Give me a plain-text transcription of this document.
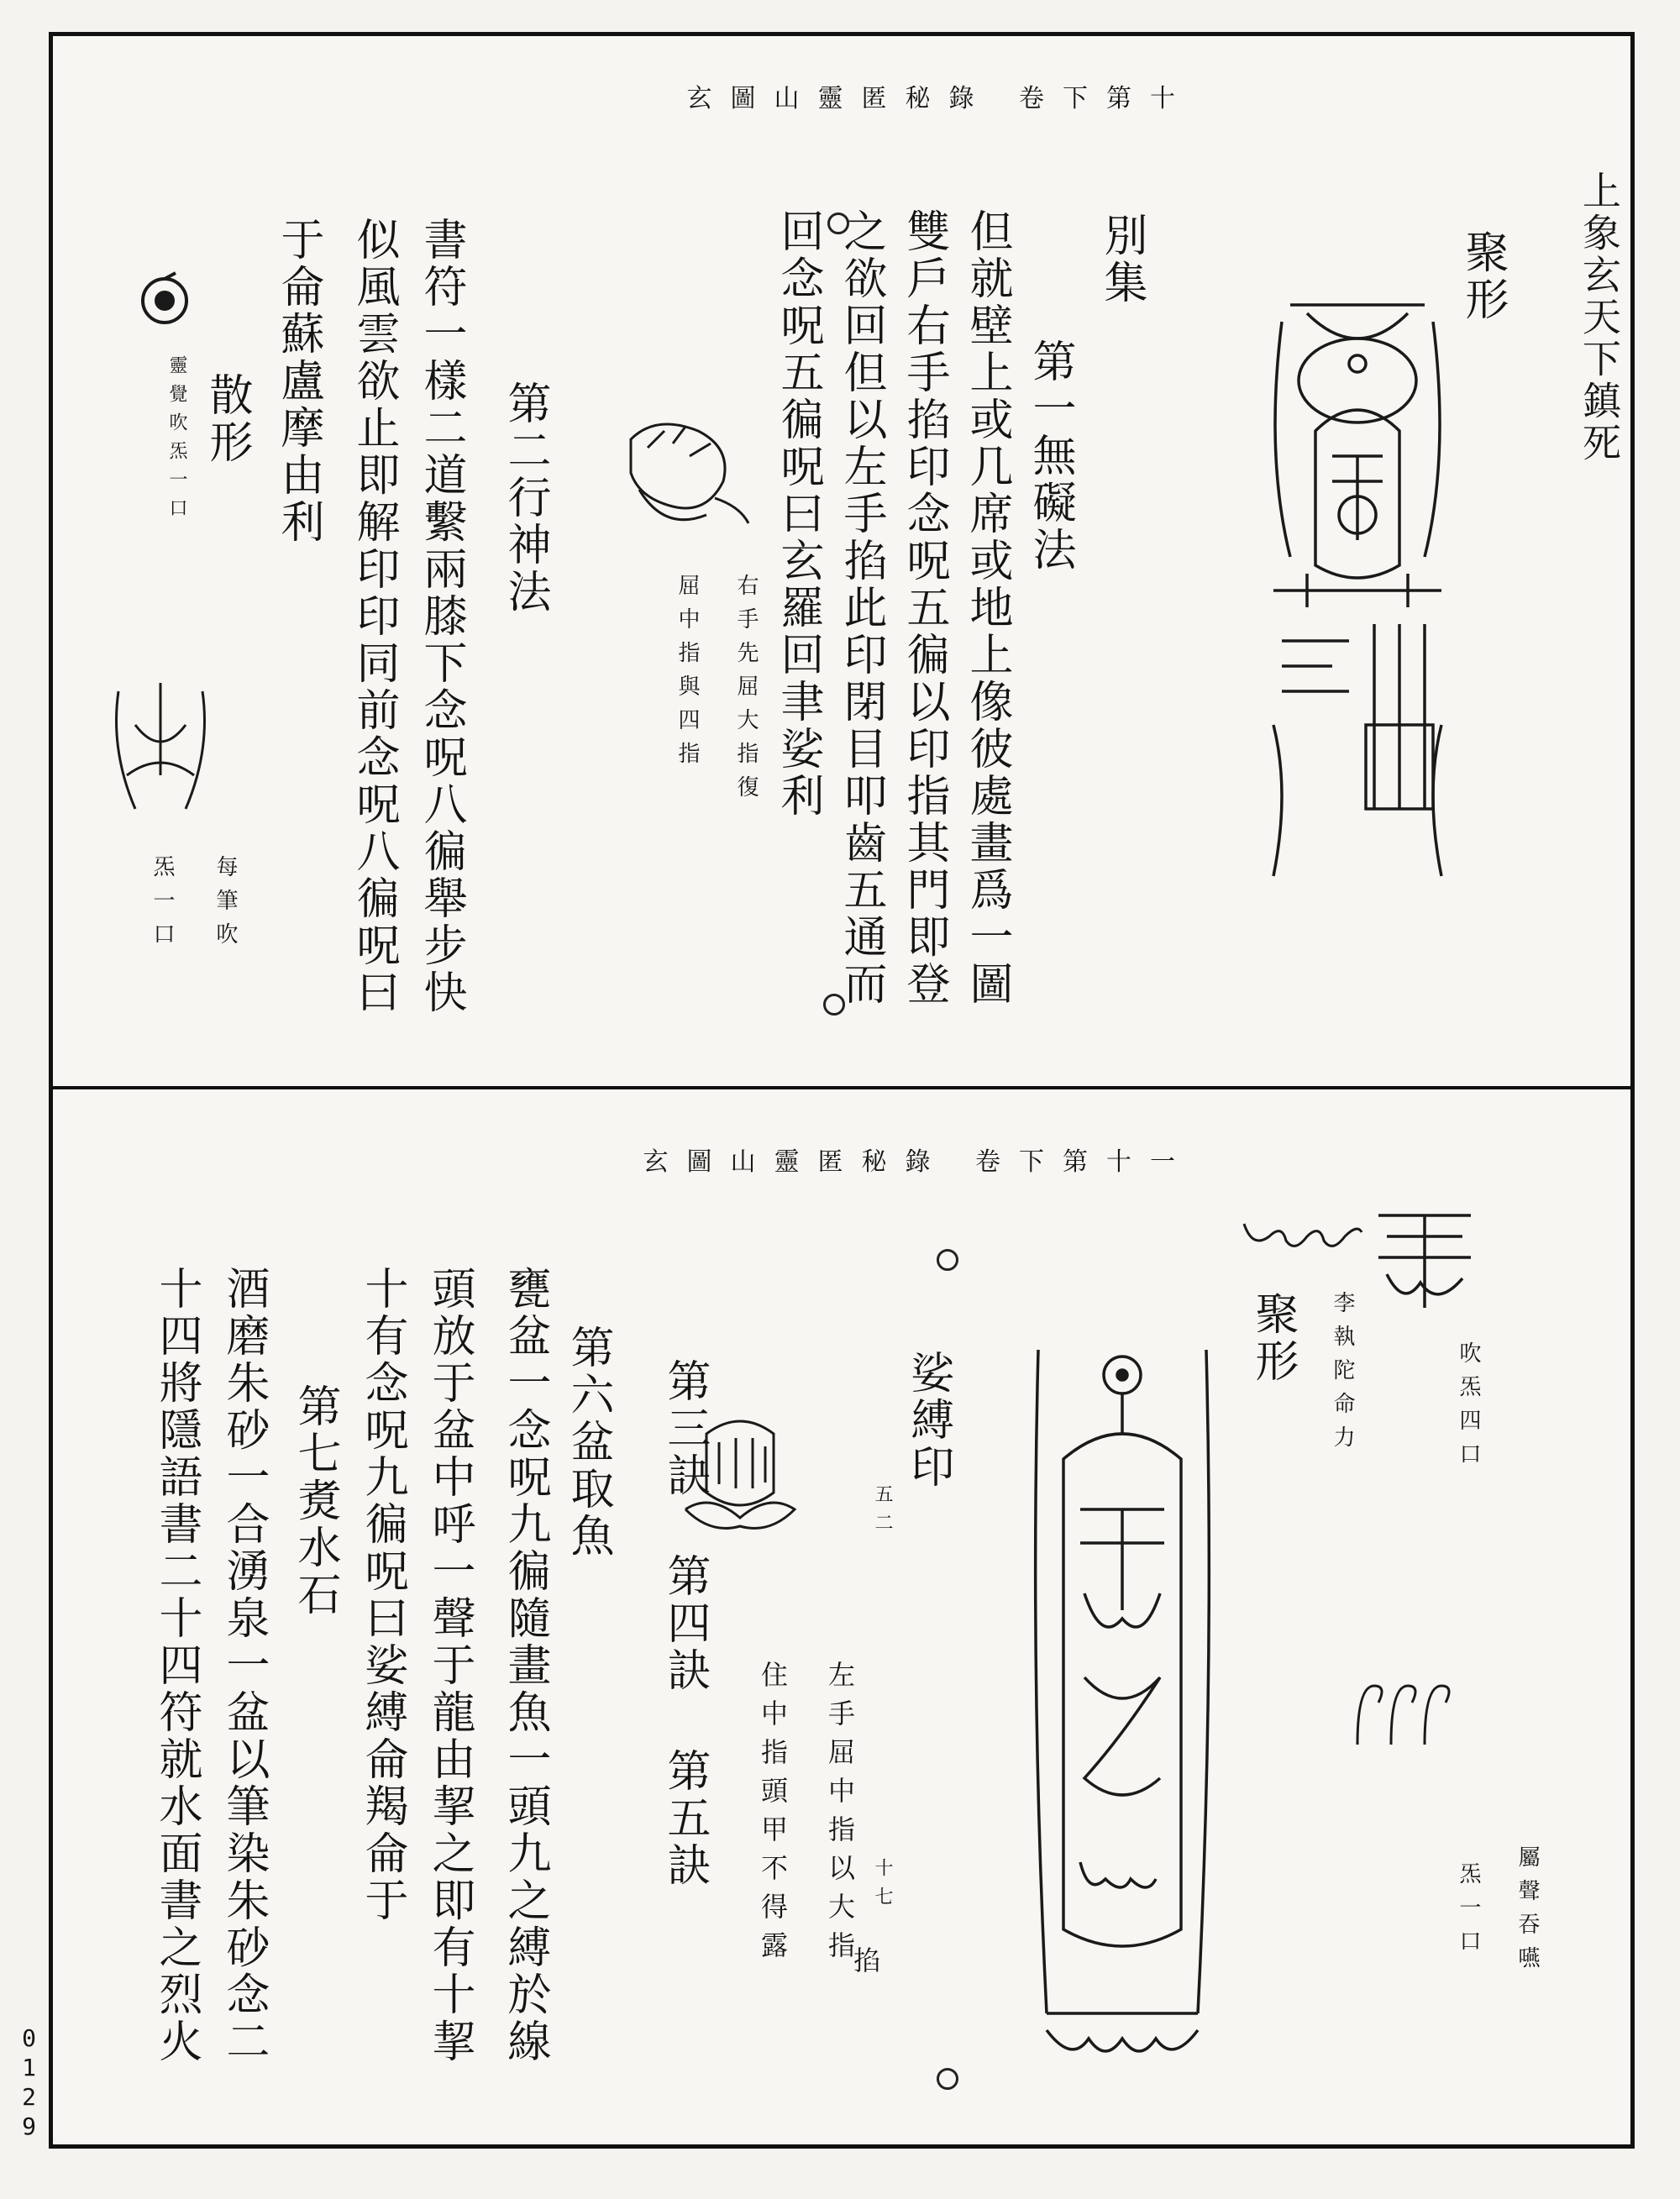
玄圖山靈匿秘錄 卷下第十
上象玄天下鎮死
聚形
別集
第一無礙法
但就壁上或几席或地上像彼處畫爲一圖
雙戶右手掐印念呪五徧以印指其門即登
之欲回但以左手掐此印閉目叩齒五通而
回念呪五徧呪曰玄羅回聿娑利
右手先屈大指復
屈中指與四指
第二行神法
書符一樣二道繫兩膝下念呪八徧舉步快
似風雲欲止即解印印同前念呪八徧呪曰
于侖蘇盧摩由利
散形
靈覺吹炁一口
每筆吹
炁一口
玄圖山靈匿秘錄 卷下第十一
吹炁四口
李執陀命力
聚形
屬聲吞嚥
炁一口
娑縛印
五二
十七
左手屈中指以大指
掐
住中指頭甲不得露
第三訣 第四訣 第五訣
第六盆取魚
甕盆一念呪九徧隨畫魚一頭九之縛於線
頭放于盆中呼一聲于龍由挈之即有十挈
十有念呪九徧呪曰娑縛侖羯侖于
第七煑水石
酒磨朱砂一合湧泉一盆以筆染朱砂念二
十四將隱語書二十四符就水面書之烈火
0129
